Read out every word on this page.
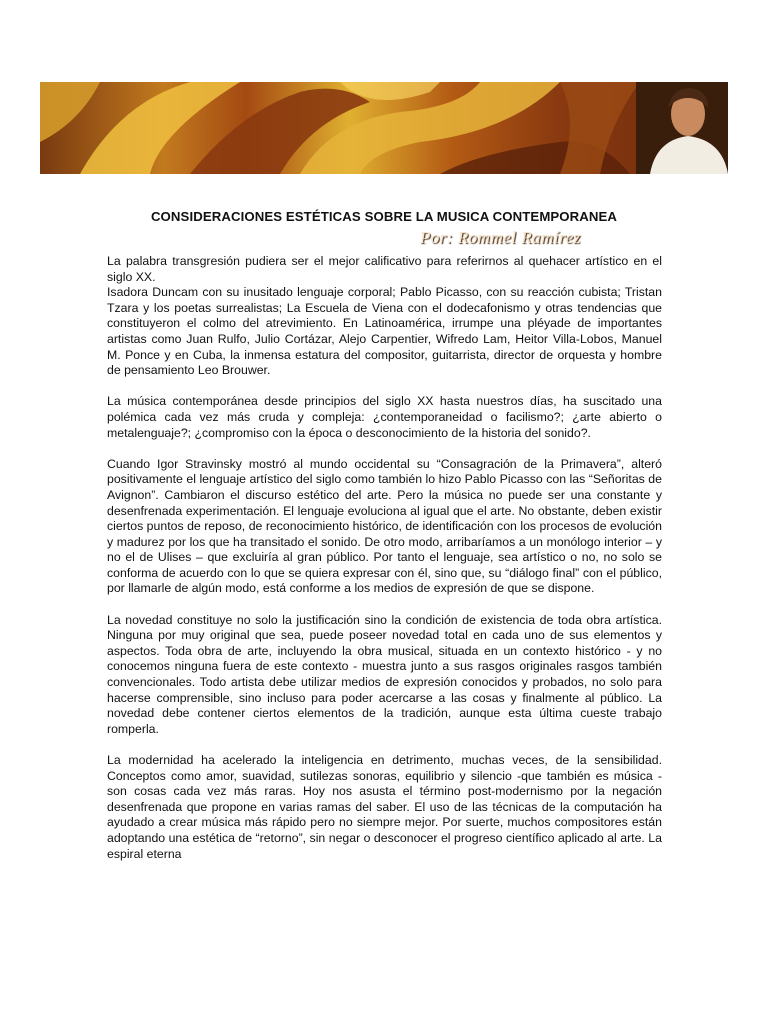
Por: Rommel Ramírez
CONSIDERACIONES ESTÉTICAS SOBRE LA MUSICA CONTEMPORANEA

La palabra transgresión pudiera ser el mejor calificativo para referirnos al quehacer artístico en el siglo XX.
Isadora Duncam con su inusitado lenguaje corporal; Pablo Picasso, con su reacción cubista; Tristan Tzara y los poetas surrealistas; La Escuela de Viena con el dodecafonismo y otras tendencias que constituyeron el colmo del atrevimiento. En Latinoamérica, irrumpe una pléyade de importantes artistas como Juan Rulfo, Julio Cortázar, Alejo Carpentier, Wifredo Lam, Heitor Villa-Lobos, Manuel M. Ponce y en Cuba, la inmensa estatura del compositor, guitarrista, director de orquesta y hombre de pensamiento Leo Brouwer.

La música contemporánea desde principios del siglo XX hasta nuestros días, ha suscitado una polémica cada vez más cruda y compleja: ¿contemporaneidad o facilismo?; ¿arte abierto o metalenguaje?; ¿compromiso con la época o desconocimiento de la historia del sonido?.

Cuando Igor Stravinsky mostró al mundo occidental su “Consagración de la Primavera”, alteró positivamente el lenguaje artístico del siglo como también lo hizo Pablo Picasso con las “Señoritas de Avignon”. Cambiaron el discurso estético del arte. Pero la música no puede ser una constante y desenfrenada experimentación. El lenguaje evoluciona al igual que el arte. No obstante, deben existir ciertos puntos de reposo, de reconocimiento histórico, de identificación con los procesos de evolución y madurez por los que ha transitado el sonido. De otro modo, arribaríamos a un monólogo interior – y no el de Ulises – que excluiría al gran público. Por tanto el lenguaje, sea artístico o no, no solo se conforma de acuerdo con lo que se quiera expresar con él, sino que, su “diálogo final” con el público, por llamarle de algún modo, está conforme a los medios de expresión de que se dispone.

La novedad constituye no solo la justificación sino la condición de existencia de toda obra artística. Ninguna por muy original que sea, puede poseer novedad total en cada uno de sus elementos y aspectos. Toda obra de arte, incluyendo la obra musical, situada en un contexto histórico - y no conocemos ninguna fuera de este contexto - muestra junto a sus rasgos originales rasgos también convencionales. Todo artista debe utilizar medios de expresión conocidos y probados, no solo para hacerse comprensible, sino incluso para poder acercarse a las cosas y finalmente al público. La novedad debe contener ciertos elementos de la tradición, aunque esta última cueste trabajo romperla.

La modernidad ha acelerado la inteligencia en detrimento, muchas veces, de la sensibilidad. Conceptos como amor, suavidad, sutilezas sonoras, equilibrio y silencio -que también es música - son cosas cada vez más raras. Hoy nos asusta el término post-modernismo por la negación desenfrenada que propone en varias ramas del saber. El uso de las técnicas de la computación ha ayudado a crear música más rápido pero no siempre mejor. Por suerte, muchos compositores están adoptando una estética de “retorno”, sin negar o desconocer el progreso científico aplicado al arte. La espiral eterna
